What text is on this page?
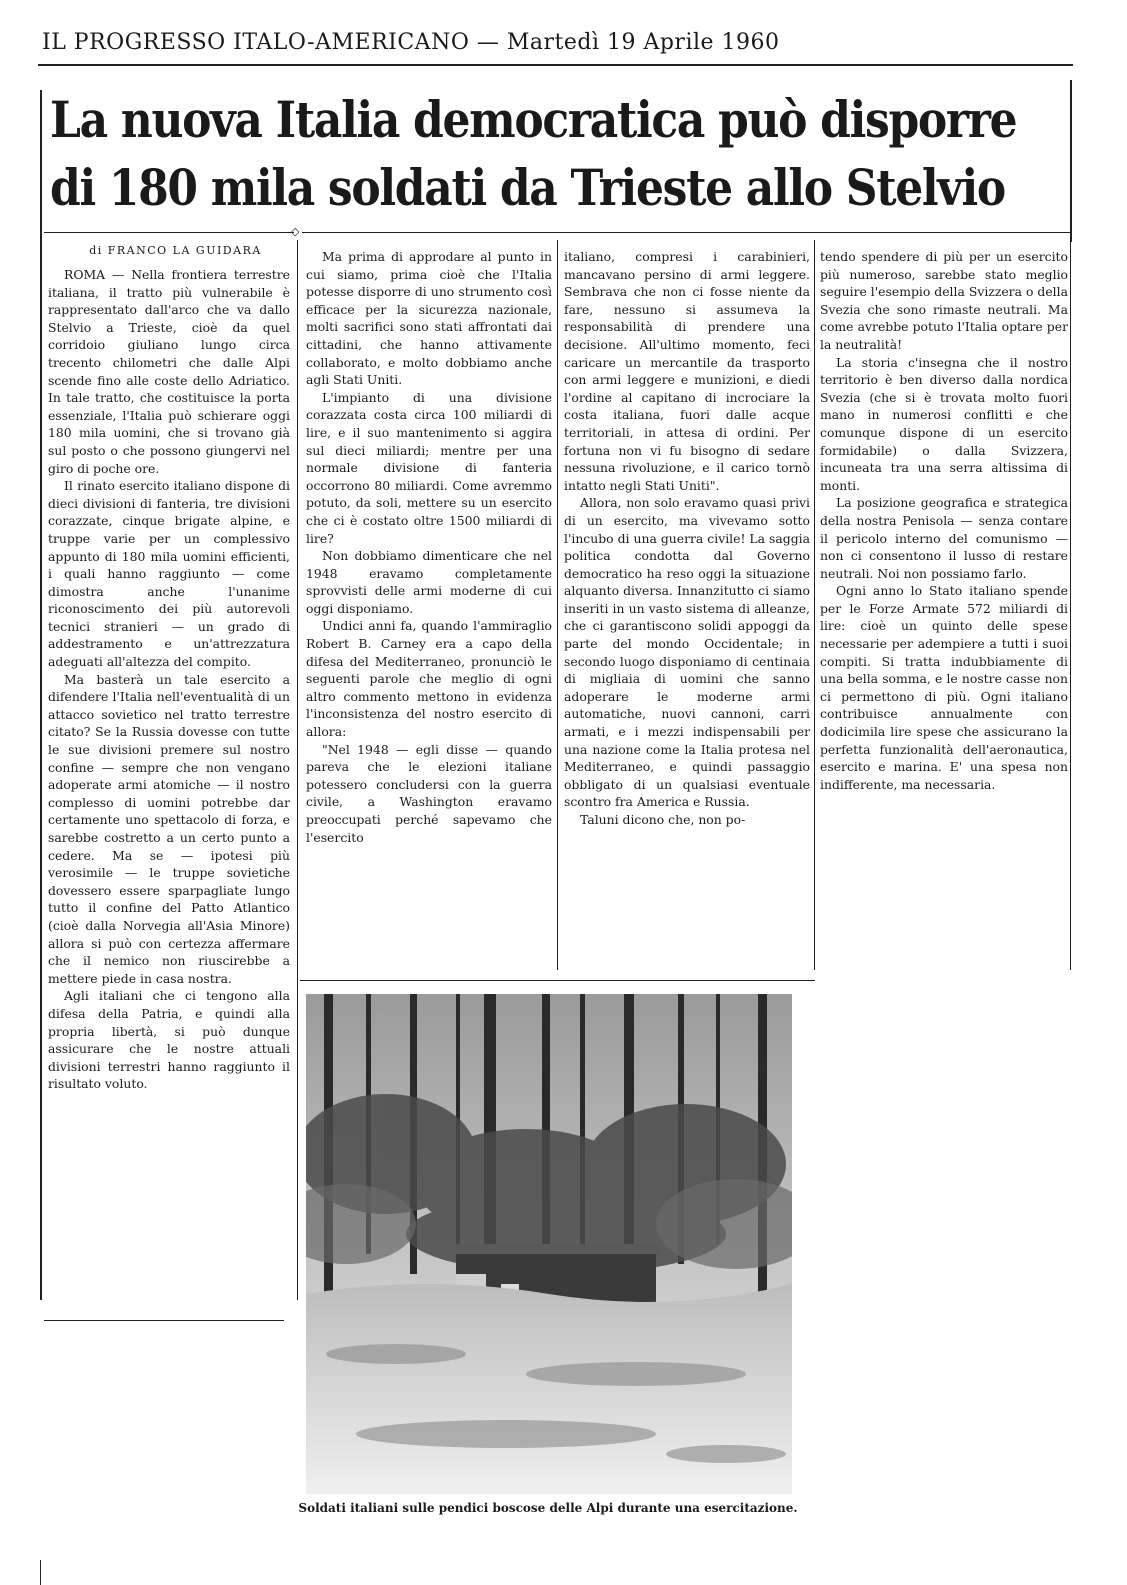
IL PROGRESSO ITALO-AMERICANO — Martedì 19 Aprile 1960
La nuova Italia democratica può disporre
di 180 mila soldati da Trieste allo Stelvio
◇
di FRANCO LA GUIDARA

ROMA — Nella frontiera terrestre italiana, il tratto più vulnerabile è rappresentato dall'arco che va dallo Stelvio a Trieste, cioè da quel corridoio giuliano lungo circa trecento chilometri che dalle Alpi scende fino alle coste dello Adriatico. In tale tratto, che costituisce la porta essenziale, l'Italia può schierare oggi 180 mila uomini, che si trovano già sul posto o che possono giungervi nel giro di poche ore.

Il rinato esercito italiano dispone di dieci divisioni di fanteria, tre divisioni corazzate, cinque brigate alpine, e truppe varie per un complessivo appunto di 180 mila uomini efficienti, i quali hanno raggiunto — come dimostra anche l'unanime riconoscimento dei più autorevoli tecnici stranieri — un grado di addestramento e un'attrezzatura adeguati all'altezza del compito.

Ma basterà un tale esercito a difendere l'Italia nell'eventualità di un attacco sovietico nel tratto terrestre citato? Se la Russia dovesse con tutte le sue divisioni premere sul nostro confine — sempre che non vengano adoperate armi atomiche — il nostro complesso di uomini potrebbe dar certamente uno spettacolo di forza, e sarebbe costretto a un certo punto a cedere. Ma se — ipotesi più verosimile — le truppe sovietiche dovessero essere sparpagliate lungo tutto il confine del Patto Atlantico (cioè dalla Norvegia all'Asia Minore) allora si può con certezza affermare che il nemico non riuscirebbe a mettere piede in casa nostra.

Agli italiani che ci tengono alla difesa della Patria, e quindi alla propria libertà, si può dunque assicurare che le nostre attuali divisioni terrestri hanno raggiunto il risultato voluto.

Ma prima di approdare al punto in cui siamo, prima cioè che l'Italia potesse disporre di uno strumento così efficace per la sicurezza nazionale, molti sacrifici sono stati affrontati dai cittadini, che hanno attivamente collaborato, e molto dobbiamo anche agli Stati Uniti.

L'impianto di una divisione corazzata costa circa 100 miliardi di lire, e il suo mantenimento si aggira sul dieci miliardi; mentre per una normale divisione di fanteria occorrono 80 miliardi. Come avremmo potuto, da soli, mettere su un esercito che ci è costato oltre 1500 miliardi di lire?

Non dobbiamo dimenticare che nel 1948 eravamo completamente sprovvisti delle armi moderne di cui oggi disponiamo.

Undici anni fa, quando l'ammiraglio Robert B. Carney era a capo della difesa del Mediterraneo, pronunciò le seguenti parole che meglio di ogni altro commento mettono in evidenza l'inconsistenza del nostro esercito di allora:

"Nel 1948 — egli disse — quando pareva che le elezioni italiane potessero concludersi con la guerra civile, a Washington eravamo preoccupati perché sapevamo che l'esercito

italiano, compresi i carabinieri, mancavano persino di armi leggere. Sembrava che non ci fosse niente da fare, nessuno si assumeva la responsabilità di prendere una decisione. All'ultimo momento, feci caricare un mercantile da trasporto con armi leggere e munizioni, e diedi l'ordine al capitano di incrociare la costa italiana, fuori dalle acque territoriali, in attesa di ordini. Per fortuna non vi fu bisogno di sedare nessuna rivoluzione, e il carico tornò intatto negli Stati Uniti".

Allora, non solo eravamo quasi privi di un esercito, ma vivevamo sotto l'incubo di una guerra civile! La saggia politica condotta dal Governo democratico ha reso oggi la situazione alquanto diversa. Innanzitutto ci siamo inseriti in un vasto sistema di alleanze, che ci garantiscono solidi appoggi da parte del mondo Occidentale; in secondo luogo disponiamo di centinaia di migliaia di uomini che sanno adoperare le moderne armi automatiche, nuovi cannoni, carri armati, e i mezzi indispensabili per una nazione come la Italia protesa nel Mediterraneo, e quindi passaggio obbligato di un qualsiasi eventuale scontro fra America e Russia.

Taluni dicono che, non po-

tendo spendere di più per un esercito più numeroso, sarebbe stato meglio seguire l'esempio della Svizzera o della Svezia che sono rimaste neutrali. Ma come avrebbe potuto l'Italia optare per la neutralità!

La storia c'insegna che il nostro territorio è ben diverso dalla nordica Svezia (che si è trovata molto fuori mano in numerosi conflitti e che comunque dispone di un esercito formidabile) o dalla Svizzera, incuneata tra una serra altissima di monti.

La posizione geografica e strategica della nostra Penisola — senza contare il pericolo interno del comunismo — non ci consentono il lusso di restare neutrali. Noi non possiamo farlo.

Ogni anno lo Stato italiano spende per le Forze Armate 572 miliardi di lire: cioè un quinto delle spese necessarie per adempiere a tutti i suoi compiti. Si tratta indubbiamente di una bella somma, e le nostre casse non ci permettono di più. Ogni italiano contribuisce annualmente con dodicimila lire spese che assicurano la perfetta funzionalità dell'aeronautica, esercito e marina. E' una spesa non indifferente, ma necessaria.

Soldati italiani sulle pendici boscose delle Alpi durante una esercitazione.
